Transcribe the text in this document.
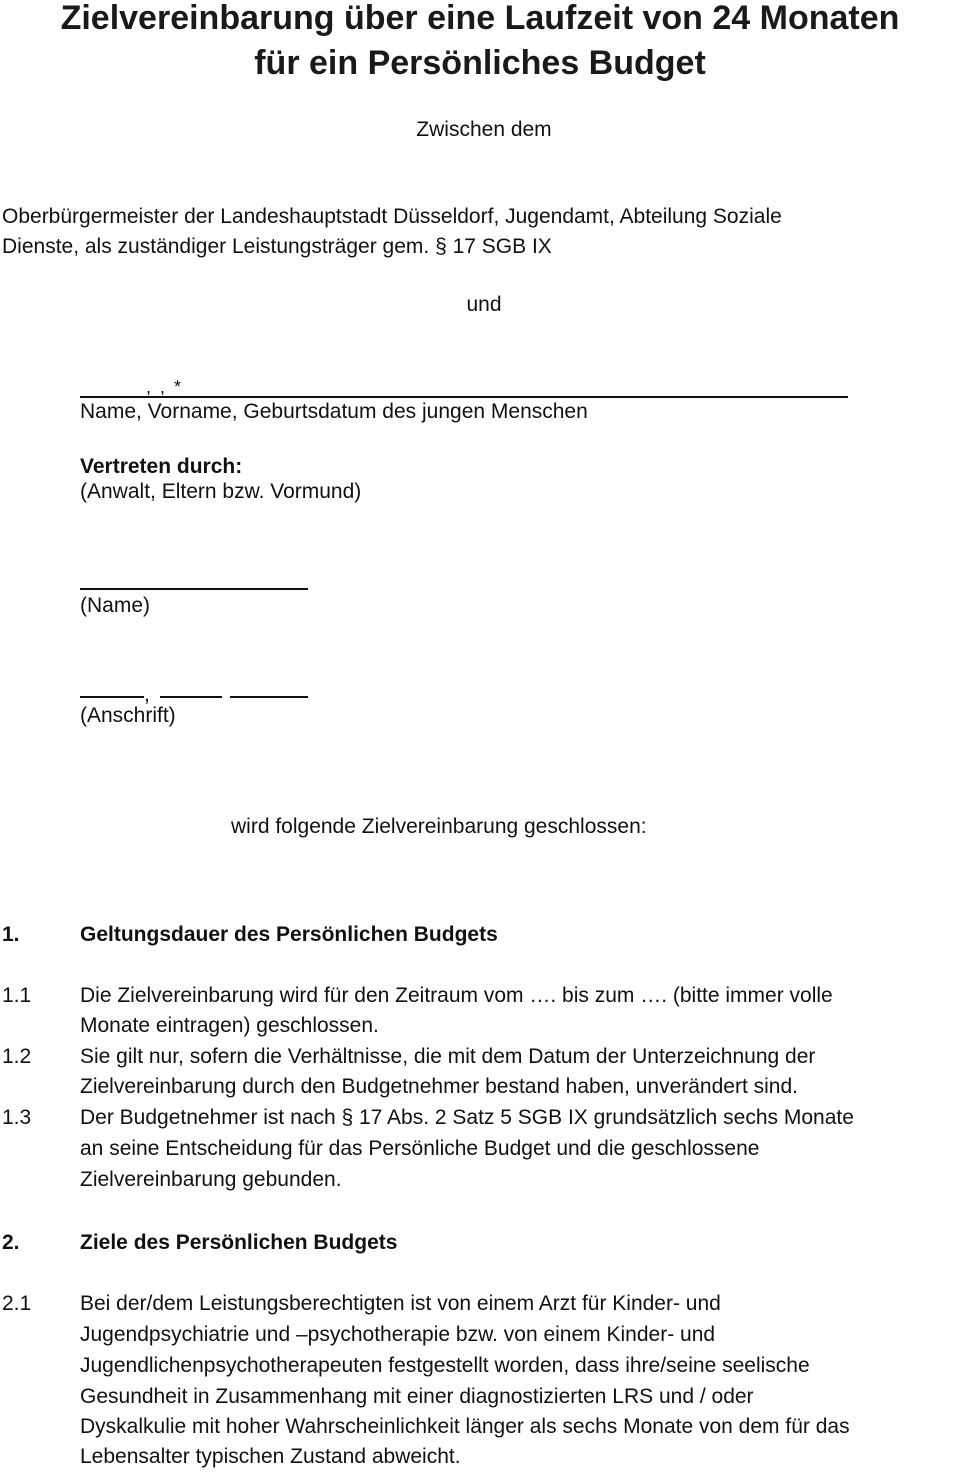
Zielvereinbarung über eine Laufzeit von 24 Monaten
für ein Persönliches Budget
Zwischen dem
Oberbürgermeister der Landeshauptstadt Düsseldorf, Jugendamt, Abteilung Soziale
Dienste, als zuständiger Leistungsträger gem. § 17 SGB IX
und
, , *
Name, Vorname, Geburtsdatum des jungen Menschen
Vertreten durch:
(Anwalt, Eltern bzw. Vormund)
(Name)
,
(Anschrift)
wird folgende Zielvereinbarung geschlossen:
1.	Geltungsdauer des Persönlichen Budgets
1.1 Die Zielvereinbarung wird für den Zeitraum vom …. bis zum …. (bitte immer volle
Monate eintragen) geschlossen.
1.2 Sie gilt nur, sofern die Verhältnisse, die mit dem Datum der Unterzeichnung der
Zielvereinbarung durch den Budgetnehmer bestand haben, unverändert sind.
1.3 Der Budgetnehmer ist nach § 17 Abs. 2 Satz 5 SGB IX grundsätzlich sechs Monate
an seine Entscheidung für das Persönliche Budget und die geschlossene
Zielvereinbarung gebunden.
2.	Ziele des Persönlichen Budgets
2.1 Bei der/dem Leistungsberechtigten ist von einem Arzt für Kinder- und
Jugendpsychiatrie und –psychotherapie bzw. von einem Kinder- und
Jugendlichenpsychotherapeuten festgestellt worden, dass ihre/seine seelische
Gesundheit in Zusammenhang mit einer diagnostizierten LRS und / oder
Dyskalkulie mit hoher Wahrscheinlichkeit länger als sechs Monate von dem für das
Lebensalter typischen Zustand abweicht.
